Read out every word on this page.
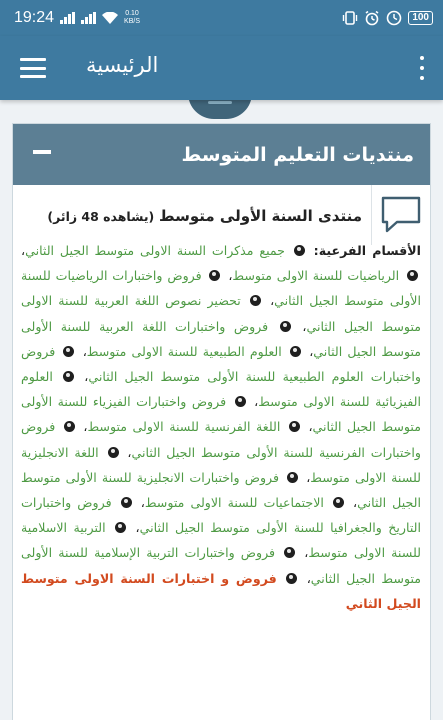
19:24	0.10
KB/S	100
الرئيسية
منتديات التعليم المتوسط
منتدى السنة الأولى متوسط (يشاهده 48 زائر)
الأقسام الفرعية:  جميع مذكرات السنة الاولى متوسط الجيل الثاني،  الرياضيات للسنة الاولى متوسط،  فروض واختبارات الرياضيات للسنة الأولى متوسط الجيل الثاني،  تحضير نصوص اللغة العربية للسنة الاولى متوسط الجيل الثاني،  فروض واختبارات اللغة العربية للسنة الأولى متوسط الجيل الثاني،  العلوم الطبيعية للسنة الاولى متوسط،  فروض واختبارات العلوم الطبيعية للسنة الأولى متوسط الجيل الثاني،  العلوم الفيزيائية للسنة الاولى متوسط،  فروض واختبارات الفيزياء للسنة الأولى متوسط الجيل الثاني،  اللغة الفرنسية للسنة الاولى متوسط،  فروض واختبارات الفرنسية للسنة الأولى متوسط الجيل الثاني،  اللغة الانجليزية للسنة الاولى متوسط،  فروض واختبارات الانجليزية للسنة الأولى متوسط الجيل الثاني،  الاجتماعيات للسنة الاولى متوسط،  فروض واختبارات التاريخ والجغرافيا للسنة الأولى متوسط الجيل الثاني،  التربية الاسلامية للسنة الاولى متوسط،  فروض واختبارات التربية الإسلامية للسنة الأولى متوسط الجيل الثاني،  فروض و اختبارات السنة الاولى متوسط الجيل الثاني
